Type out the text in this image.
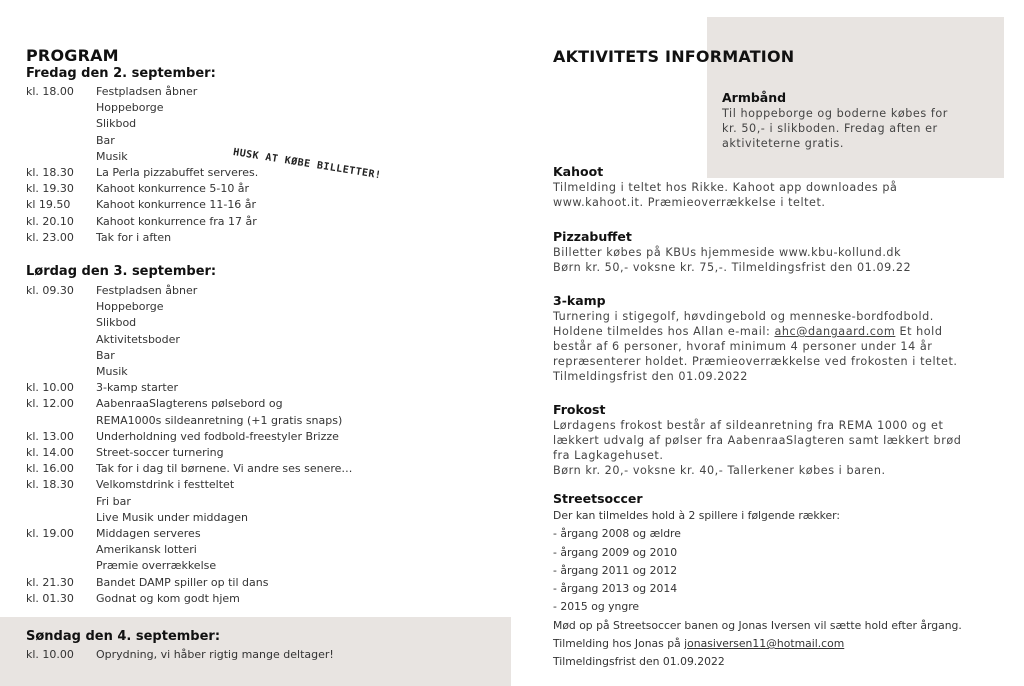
PROGRAM
Fredag den 2. september:
kl. 18.00	Festpladsen åbner
Hoppeborge
Slikbod
Bar
Musik
kl. 18.30	La Perla pizzabuffet serveres.
kl. 19.30	Kahoot konkurrence 5-10 år
kl 19.50	Kahoot konkurrence 11-16 år
kl. 20.10	Kahoot konkurrence fra 17 år
kl. 23.00	Tak for i aften
HUSK AT KØBE BILLETTER!
Lørdag den 3. september:
kl. 09.30	Festpladsen åbner
Hoppeborge
Slikbod
Aktivitetsboder
Bar
Musik
kl. 10.00	3-kamp starter
kl. 12.00	AabenraaSlagterens pølsebord og
REMA1000s sildeanretning (+1 gratis snaps)
kl. 13.00	Underholdning ved fodbold-freestyler Brizze
kl. 14.00	Street-soccer turnering
kl. 16.00	Tak for i dag til børnene. Vi andre ses senere…
kl. 18.30	Velkomstdrink i festteltet
Fri bar
Live Musik under middagen
kl. 19.00	Middagen serveres
Amerikansk lotteri
Præmie overrækkelse
kl. 21.30	Bandet DAMP spiller op til dans
kl. 01.30	Godnat og kom godt hjem
Søndag den 4. september:
kl. 10.00	Oprydning, vi håber rigtig mange deltager!
AKTIVITETS INFORMATION
Armbånd

Til hoppeborge og boderne købes for

kr. 50,- i slikboden. Fredag aften er

aktiviteterne gratis.

Kahoot

Tilmelding i teltet hos Rikke. Kahoot app downloades på

www.kahoot.it. Præmieoverrækkelse i teltet.

Pizzabuffet

Billetter købes på KBUs hjemmeside www.kbu-kollund.dk

Børn kr. 50,- voksne kr. 75,-. Tilmeldingsfrist den 01.09.22

3-kamp

Turnering i stigegolf, høvdingebold og menneske-bordfodbold.

Holdene tilmeldes hos Allan e-mail: ahc@dangaard.com Et hold

består af 6 personer, hvoraf minimum 4 personer under 14 år

repræsenterer holdet. Præmieoverrækkelse ved frokosten i teltet.

Tilmeldingsfrist den 01.09.2022

Frokost

Lørdagens frokost består af sildeanretning fra REMA 1000 og et

lækkert udvalg af pølser fra AabenraaSlagteren samt lækkert brød

fra Lagkagehuset.

Børn kr. 20,- voksne kr. 40,- Tallerkener købes i baren.

Streetsoccer

Der kan tilmeldes hold à 2 spillere i følgende rækker:

- årgang 2008 og ældre

- årgang 2009 og 2010

- årgang 2011 og 2012

- årgang 2013 og 2014

- 2015 og yngre

Mød op på Streetsoccer banen og Jonas Iversen vil sætte hold efter årgang.

Tilmelding hos Jonas på jonasiversen11@hotmail.com

Tilmeldingsfrist den 01.09.2022
